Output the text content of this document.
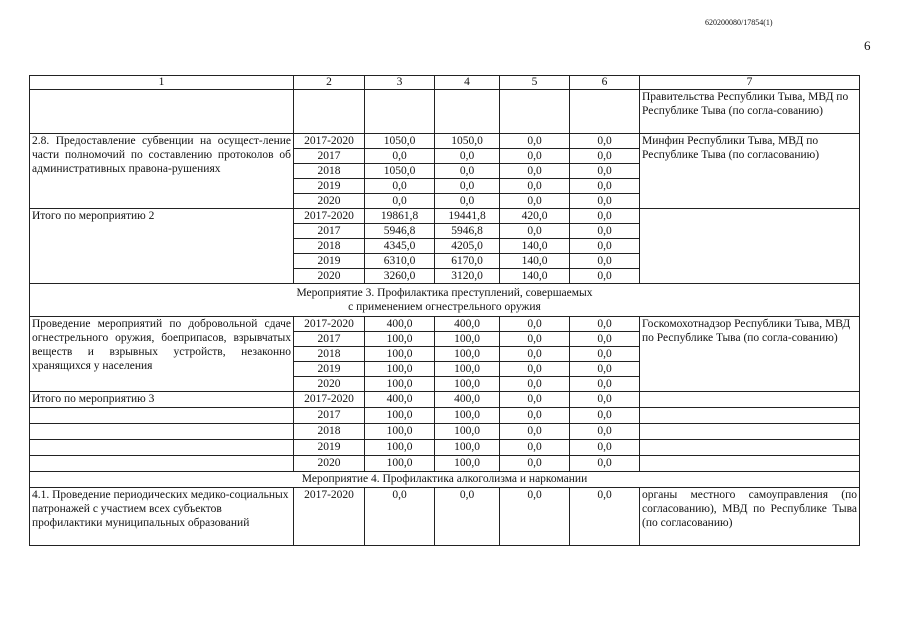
620200080/17854(1)
6
1	2	3	4	5	6	7
						Правительства Республики Тыва, МВД по Республике Тыва (по согла-сованию)
2.8. Предоставление субвенции на осущест-ление части полномочий по составлению протоколов об административных правона-рушениях	2017-2020	1050,0	1050,0	0,0	0,0	Минфин Республики Тыва, МВД по Республике Тыва (по согласованию)
	2017	0,0	0,0	0,0	0,0	
	2018	1050,0	0,0	0,0	0,0	
	2019	0,0	0,0	0,0	0,0	
	2020	0,0	0,0	0,0	0,0	
Итого по мероприятию 2	2017-2020	19861,8	19441,8	420,0	0,0	
	2017	5946,8	5946,8	0,0	0,0	
	2018	4345,0	4205,0	140,0	0,0	
	2019	6310,0	6170,0	140,0	0,0	
	2020	3260,0	3120,0	140,0	0,0	

Мероприятие 3. Профилактика преступлений, совершаемых
с применением огнестрельного оружия						

Проведение мероприятий по добровольной сдаче огнестрельного оружия, боеприпасов, взрывчатых веществ и взрывных устройств, незаконно хранящихся у населения	2017-2020	400,0	400,0	0,0	0,0	Госкомохотнадзор Республики Тыва, МВД по Республике Тыва (по согла-сованию)
	2017	100,0	100,0	0,0	0,0	
	2018	100,0	100,0	0,0	0,0	
	2019	100,0	100,0	0,0	0,0	
	2020	100,0	100,0	0,0	0,0	
Итого по мероприятию 3	2017-2020	400,0	400,0	0,0	0,0	
	2017	100,0	100,0	0,0	0,0	
	2018	100,0	100,0	0,0	0,0	
	2019	100,0	100,0	0,0	0,0	
	2020	100,0	100,0	0,0	0,0	
Мероприятие 4. Профилактика алкоголизма и наркомании						
4.1. Проведение периодических медико-социальных патронажей с участием всех субъектов профилактики муниципальных образований	2017-2020	0,0	0,0	0,0	0,0	органы местного самоуправления (по согласованию), МВД по Республике Тыва (по согласованию)
